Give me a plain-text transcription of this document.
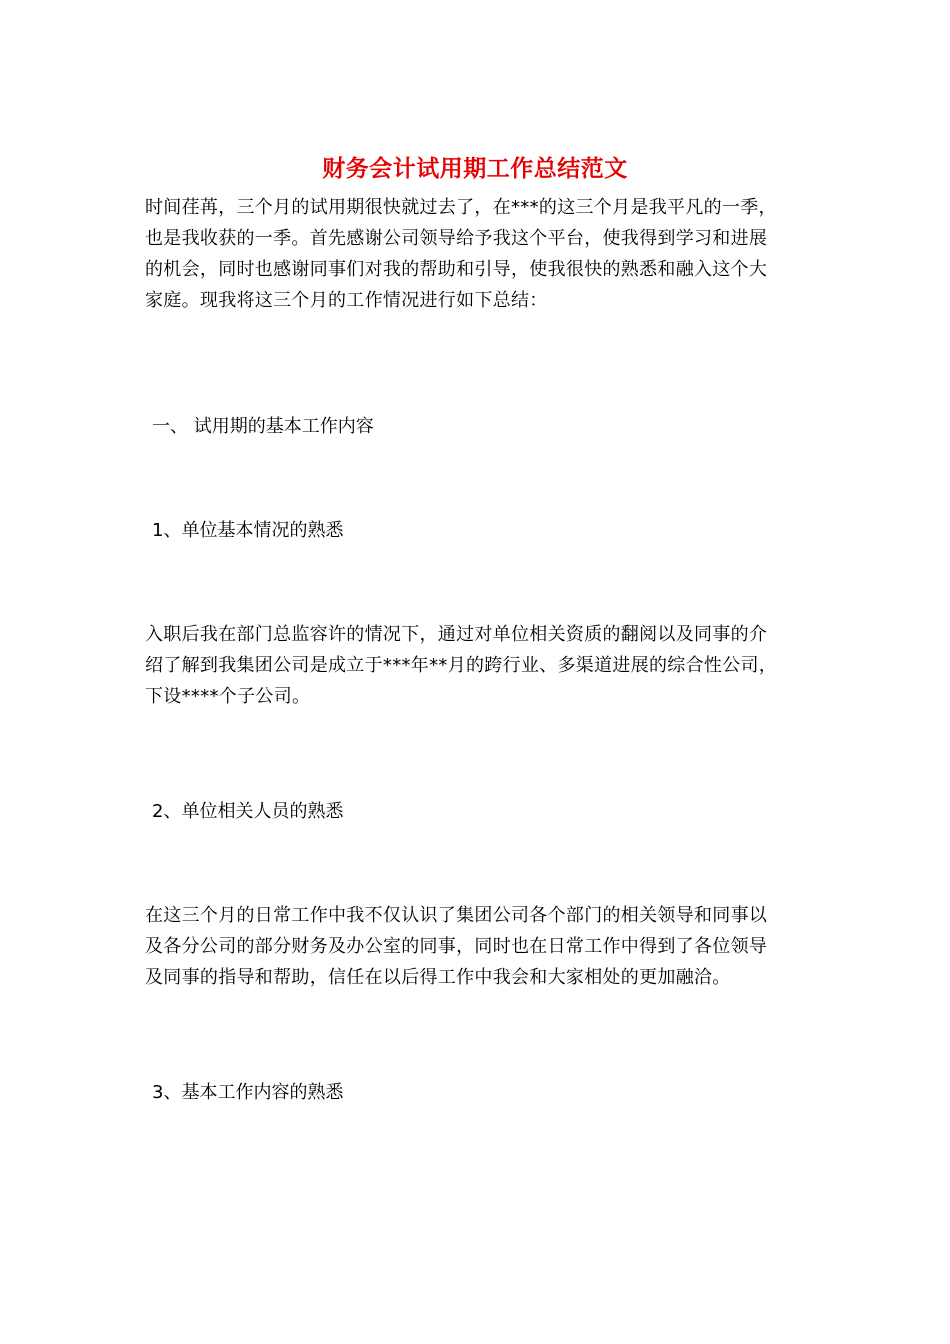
财务会计试用期工作总结范文
时间荏苒，三个月的试用期很快就过去了，在***的这三个月是我平凡的一季，
也是我收获的一季。首先感谢公司领导给予我这个平台，使我得到学习和进展
的机会，同时也感谢同事们对我的帮助和引导，使我很快的熟悉和融入这个大
家庭。现我将这三个月的工作情况进行如下总结：
一、 试用期的基本工作内容
1、单位基本情况的熟悉
入职后我在部门总监容许的情况下，通过对单位相关资质的翻阅以及同事的介
绍了解到我集团公司是成立于***年**月的跨行业、多渠道进展的综合性公司，
下设****个子公司。
2、单位相关人员的熟悉
在这三个月的日常工作中我不仅认识了集团公司各个部门的相关领导和同事以
及各分公司的部分财务及办公室的同事，同时也在日常工作中得到了各位领导
及同事的指导和帮助，信任在以后得工作中我会和大家相处的更加融洽。
3、基本工作内容的熟悉
